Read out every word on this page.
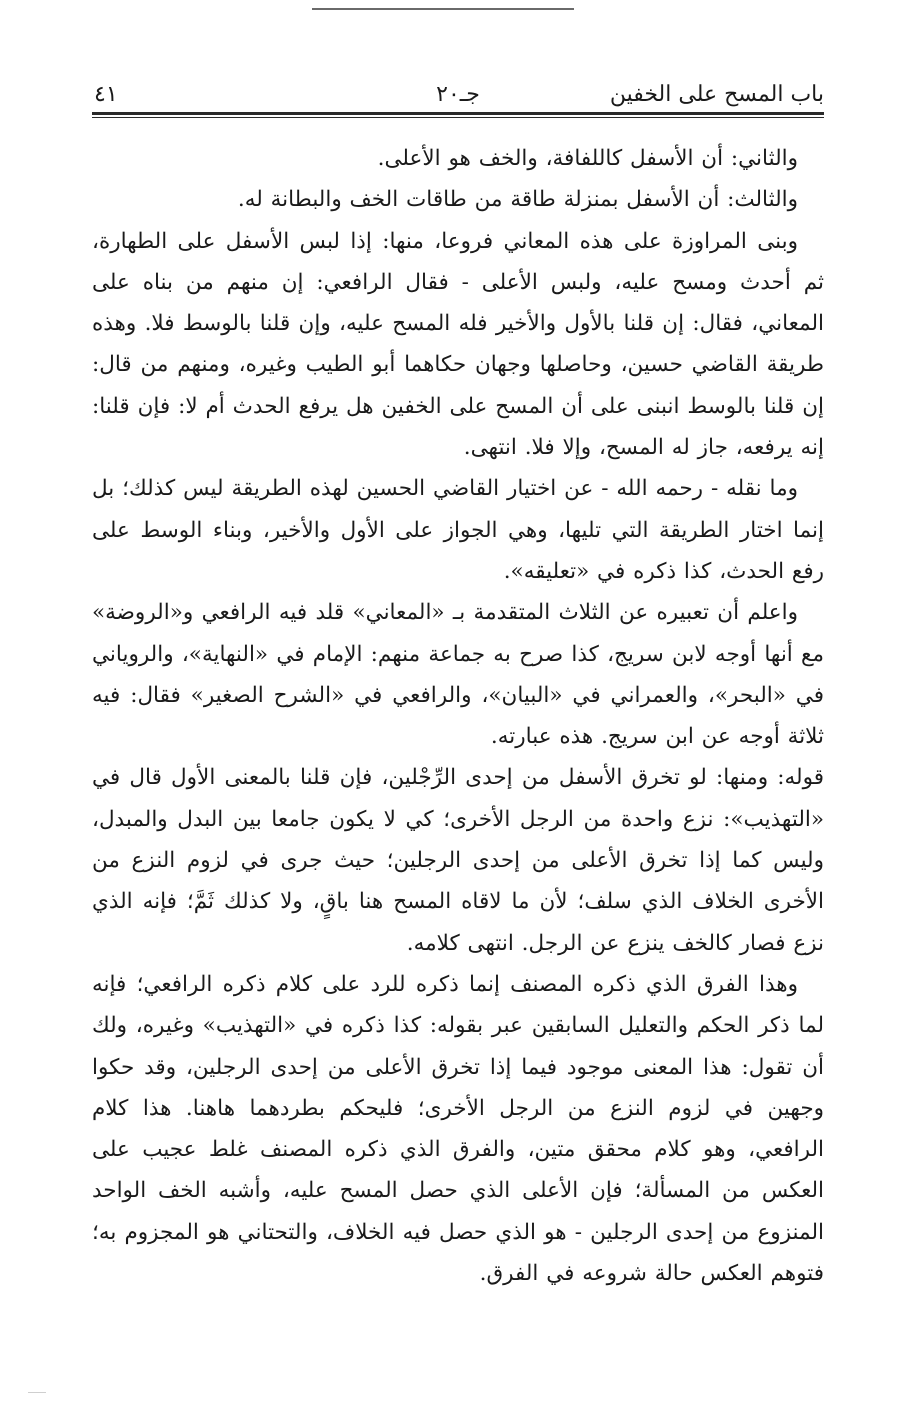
باب المسح على الخفين
جـ٢٠
٤١

والثاني: أن الأسفل كاللفافة، والخف هو الأعلى.

والثالث: أن الأسفل بمنزلة طاقة من طاقات الخف والبطانة له.

وبنى المراوزة على هذه المعاني فروعا، منها: إذا لبس الأسفل على الطهارة، ثم أحدث ومسح عليه، ولبس الأعلى - فقال الرافعي: إن منهم من بناه على المعاني، فقال: إن قلنا بالأول والأخير فله المسح عليه، وإن قلنا بالوسط فلا. وهذه طريقة القاضي حسين، وحاصلها وجهان حكاهما أبو الطيب وغيره، ومنهم من قال: إن قلنا بالوسط انبنى على أن المسح على الخفين هل يرفع الحدث أم لا: فإن قلنا: إنه يرفعه، جاز له المسح، وإلا فلا. انتهى.

وما نقله - رحمه الله - عن اختيار القاضي الحسين لهذه الطريقة ليس كذلك؛ بل إنما اختار الطريقة التي تليها، وهي الجواز على الأول والأخير، وبناء الوسط على رفع الحدث، كذا ذكره في «تعليقه».

واعلم أن تعبيره عن الثلاث المتقدمة بـ «المعاني» قلد فيه الرافعي و«الروضة» مع أنها أوجه لابن سريج، كذا صرح به جماعة منهم: الإمام في «النهاية»، والروياني في «البحر»، والعمراني في «البيان»، والرافعي في «الشرح الصغير» فقال: فيه ثلاثة أوجه عن ابن سريج. هذه عبارته.

قوله: ومنها: لو تخرق الأسفل من إحدى الرِّجْلين، فإن قلنا بالمعنى الأول قال في «التهذيب»: نزع واحدة من الرجل الأخرى؛ كي لا يكون جامعا بين البدل والمبدل، وليس كما إذا تخرق الأعلى من إحدى الرجلين؛ حيث جرى في لزوم النزع من الأخرى الخلاف الذي سلف؛ لأن ما لاقاه المسح هنا باقٍ، ولا كذلك ثَمَّ؛ فإنه الذي نزع فصار كالخف ينزع عن الرجل. انتهى كلامه.

وهذا الفرق الذي ذكره المصنف إنما ذكره للرد على كلام ذكره الرافعي؛ فإنه لما ذكر الحكم والتعليل السابقين عبر بقوله: كذا ذكره في «التهذيب» وغيره، ولك أن تقول: هذا المعنى موجود فيما إذا تخرق الأعلى من إحدى الرجلين، وقد حكوا وجهين في لزوم النزع من الرجل الأخرى؛ فليحكم بطردهما هاهنا. هذا كلام الرافعي، وهو كلام محقق متين، والفرق الذي ذكره المصنف غلط عجيب على العكس من المسألة؛ فإن الأعلى الذي حصل المسح عليه، وأشبه الخف الواحد المنزوع من إحدى الرجلين - هو الذي حصل فيه الخلاف، والتحتاني هو المجزوم به؛ فتوهم العكس حالة شروعه في الفرق.
